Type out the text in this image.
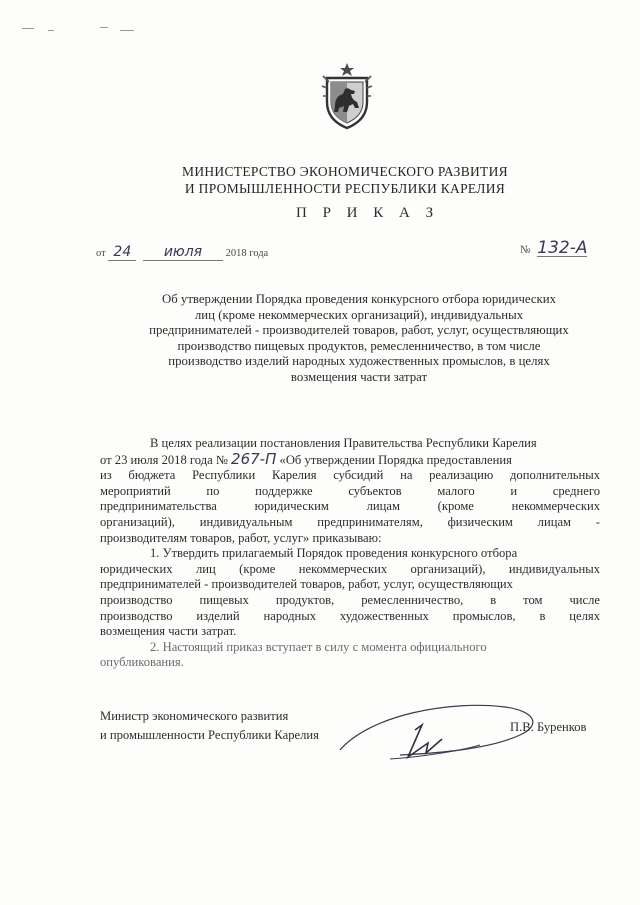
МИНИСТЕРСТВО ЭКОНОМИЧЕСКОГО РАЗВИТИЯ
И ПРОМЫШЛЕННОСТИ РЕСПУБЛИКИ КАРЕЛИЯ
П Р И К А З
от 24 июля 2018 года	№ 132-А
Об утверждении Порядка проведения конкурсного отбора юридических
лиц (кроме некоммерческих организаций), индивидуальных
предпринимателей - производителей товаров, работ, услуг, осуществляющих
производство пищевых продуктов, ремесленничество, в том числе
производство изделий народных художественных промыслов, в целях
возмещения части затрат
В целях реализации постановления Правительства Республики Карелия
от 23 июля 2018 года № 267-П «Об утверждении Порядка предоставления
из бюджета Республики Карелия субсидий на реализацию дополнительных
мероприятий по поддержке субъектов малого и среднего
предпринимательства юридическим лицам (кроме некоммерческих
организаций), индивидуальным предпринимателям, физическим лицам -
производителям товаров, работ, услуг» приказываю:
1. Утвердить прилагаемый Порядок проведения конкурсного отбора
юридических лиц (кроме некоммерческих организаций), индивидуальных
предпринимателей - производителей товаров, работ, услуг, осуществляющих
производство пищевых продуктов, ремесленничество, в том числе
производство изделий народных художественных промыслов, в целях
возмещения части затрат.
2. Настоящий приказ вступает в силу с момента официального
опубликования.
Министр экономического развития
и промышленности Республики Карелия
П.В. Буренков
